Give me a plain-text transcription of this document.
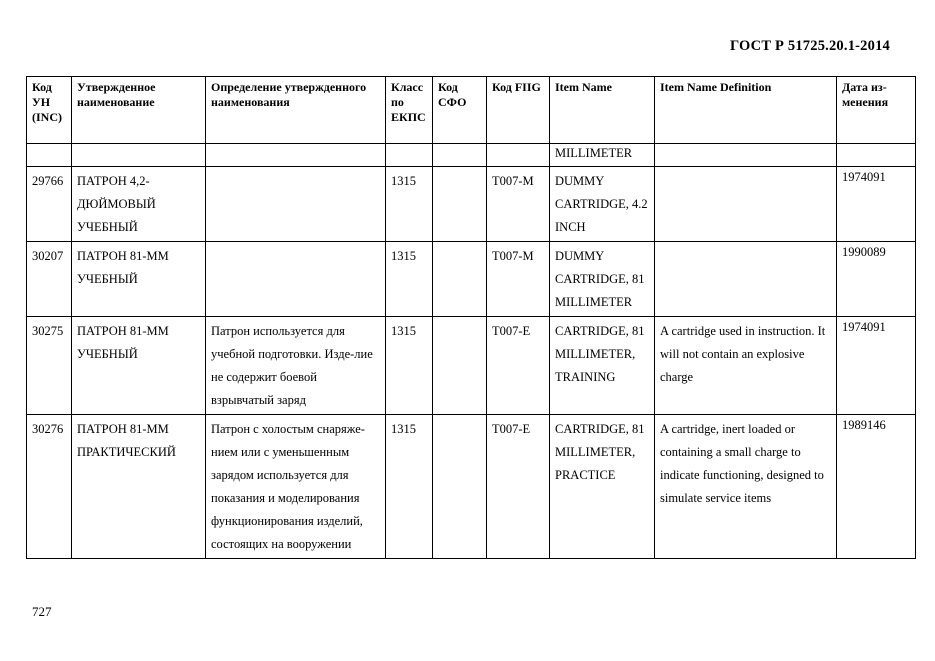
ГОСТ Р 51725.20.1-2014
Код УН (INC)	Утвержденное наименование	Определение утвержденного наименования	Класс по ЕКПС	Код СФО	Код FIIG	Item Name	Item Name Definition	Дата из-менения
						MILLIMETER		
29766	ПАТРОН 4,2-ДЮЙМОВЫЙ УЧЕБНЫЙ		1315		T007-M	DUMMY CARTRIDGE, 4.2 INCH		1974091
30207	ПАТРОН 81-ММ УЧЕБНЫЙ		1315		T007-M	DUMMY CARTRIDGE, 81 MILLIMETER		1990089
30275	ПАТРОН 81-ММ УЧЕБНЫЙ	Патрон используется для учебной подготовки. Изде-лие не содержит боевой взрывчатый заряд	1315		T007-E	CARTRIDGE, 81 MILLIMETER, TRAINING	A cartridge used in instruction. It will not contain an explosive charge	1974091
30276	ПАТРОН 81-ММ ПРАКТИЧЕСКИЙ	Патрон с холостым снаряже-нием или с уменьшенным зарядом используется для показания и моделирования функционирования изделий, состоящих на вооружении	1315		T007-E	CARTRIDGE, 81 MILLIMETER, PRACTICE	A cartridge, inert loaded or containing a small charge to indicate functioning, designed to simulate service items	1989146
727
